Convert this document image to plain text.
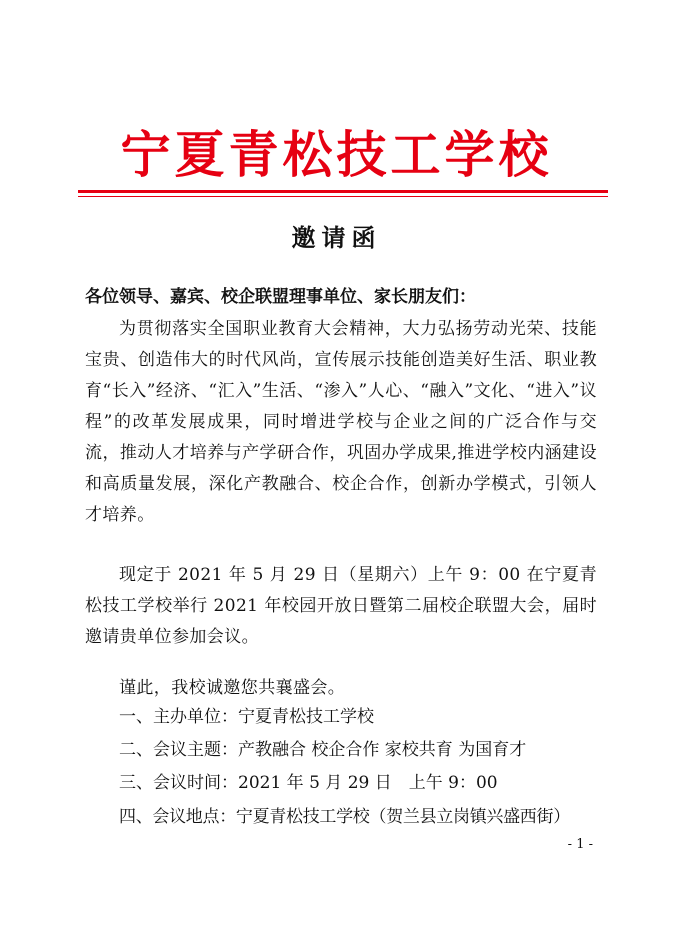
宁夏青松技工学校
邀请函
各位领导、嘉宾、校企联盟理事单位、家长朋友们：
为贯彻落实全国职业教育大会精神，大力弘扬劳动光荣、技能宝贵、创造伟大的时代风尚，宣传展示技能创造美好生活、职业教育“长入”经济、“汇入”生活、“渗入”人心、“融入”文化、“进入”议程”的改革发展成果，同时增进学校与企业之间的广泛合作与交流，推动人才培养与产学研合作，巩固办学成果,推进学校内涵建设和高质量发展，深化产教融合、校企合作，创新办学模式，引领人才培养。
现定于 2021 年 5 月 29 日（星期六）上午 9：00 在宁夏青松技工学校举行 2021 年校园开放日暨第二届校企联盟大会，届时邀请贵单位参加会议。
谨此，我校诚邀您共襄盛会。
一、主办单位：宁夏青松技工学校
二、会议主题：产教融合 校企合作 家校共育 为国育才
三、会议时间：2021 年 5 月 29 日　上午 9：00
四、会议地点：宁夏青松技工学校（贺兰县立岗镇兴盛西街）
- 1 -
